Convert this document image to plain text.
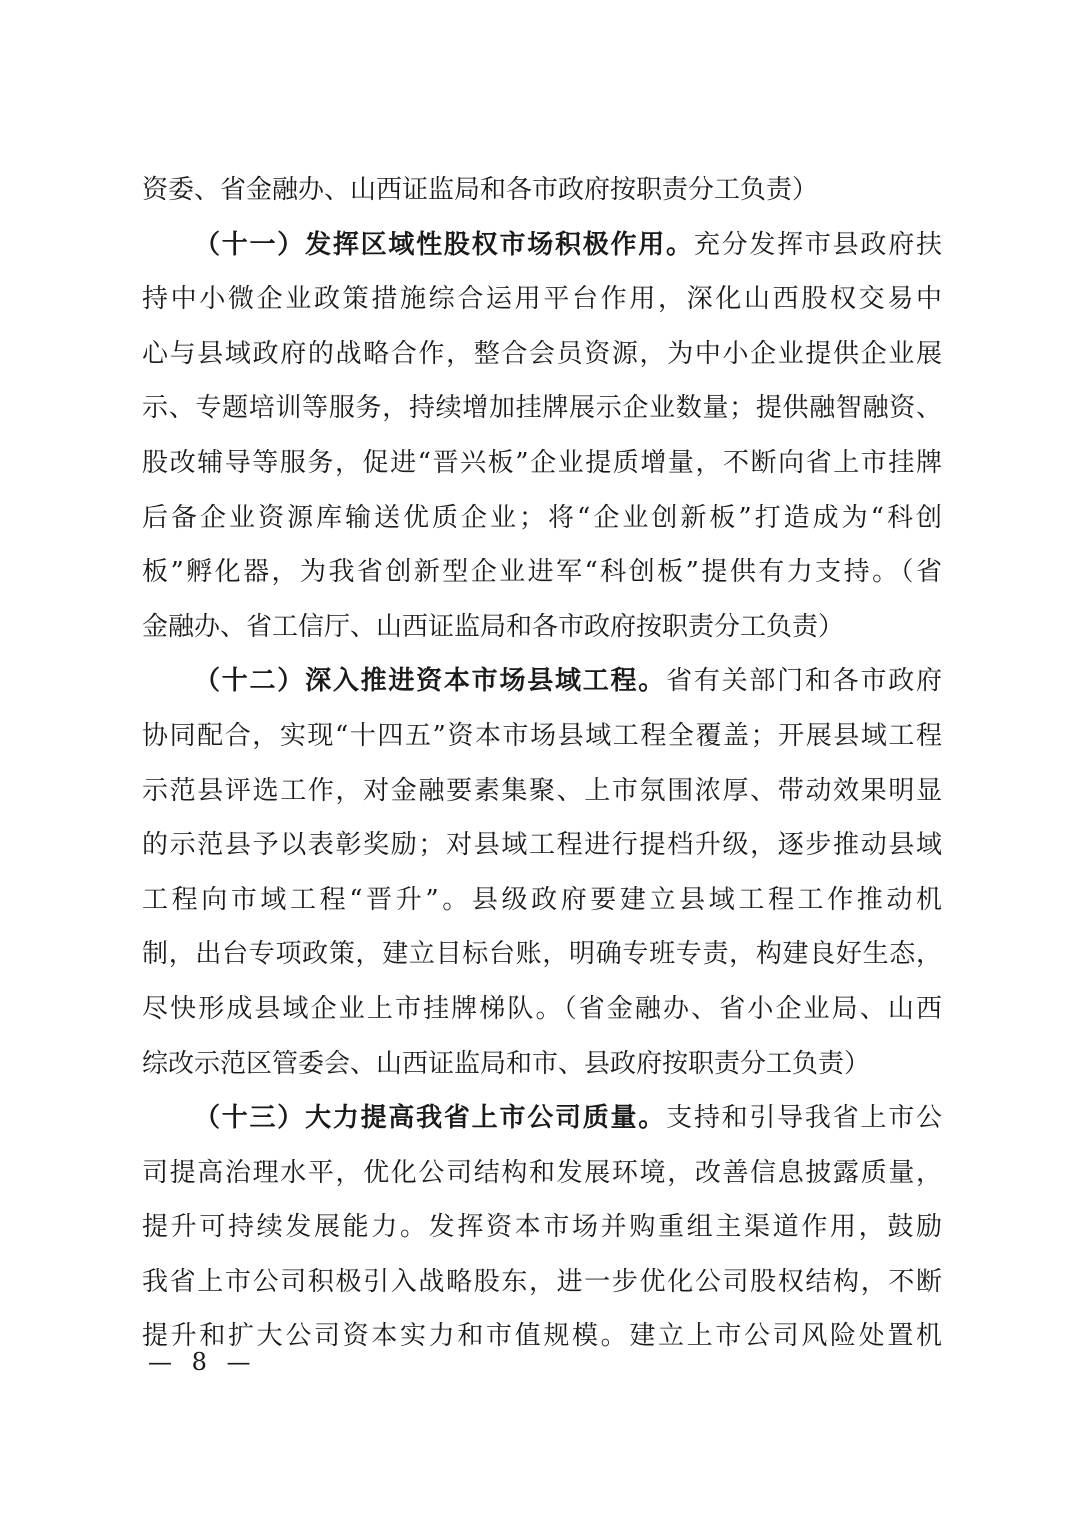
资委、省金融办、山西证监局和各市政府按职责分工负责）
（十一）发挥区域性股权市场积极作用。充分发挥市县政府扶
持中小微企业政策措施综合运用平台作用，深化山西股权交易中
心与县域政府的战略合作，整合会员资源，为中小企业提供企业展
示、专题培训等服务，持续增加挂牌展示企业数量；提供融智融资、
股改辅导等服务，促进“晋兴板”企业提质增量，不断向省上市挂牌
后备企业资源库输送优质企业；将“企业创新板”打造成为“科创
板”孵化器，为我省创新型企业进军“科创板”提供有力支持。（省
金融办、省工信厅、山西证监局和各市政府按职责分工负责）
（十二）深入推进资本市场县域工程。省有关部门和各市政府
协同配合，实现“十四五”资本市场县域工程全覆盖；开展县域工程
示范县评选工作，对金融要素集聚、上市氛围浓厚、带动效果明显
的示范县予以表彰奖励；对县域工程进行提档升级，逐步推动县域
工程向市域工程“晋升”。县级政府要建立县域工程工作推动机
制，出台专项政策，建立目标台账，明确专班专责，构建良好生态，
尽快形成县域企业上市挂牌梯队。（省金融办、省小企业局、山西
综改示范区管委会、山西证监局和市、县政府按职责分工负责）
（十三）大力提高我省上市公司质量。支持和引导我省上市公
司提高治理水平，优化公司结构和发展环境，改善信息披露质量，
提升可持续发展能力。发挥资本市场并购重组主渠道作用，鼓励
我省上市公司积极引入战略股东，进一步优化公司股权结构，不断
提升和扩大公司资本实力和市值规模。建立上市公司风险处置机
— 8 —
